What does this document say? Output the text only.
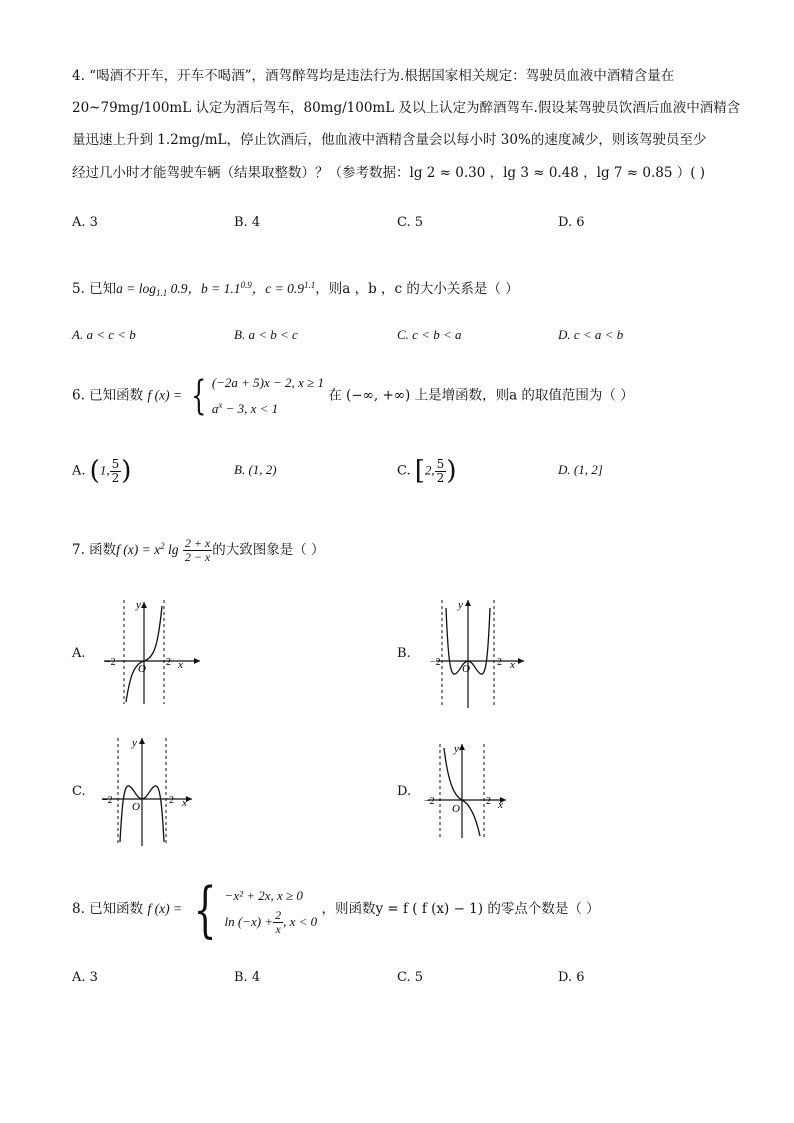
4. “喝酒不开车，开车不喝酒”，酒驾醉驾均是违法行为.根据国家相关规定：驾驶员血液中酒精含量在
20~79mg/100mL 认定为酒后驾车，80mg/100mL 及以上认定为醉酒驾车.假设某驾驶员饮酒后血液中酒精含
量迅速上升到 1.2mg/mL，停止饮酒后，他血液中酒精含量会以每小时 30%的速度减少，则该驾驶员至少
经过几小时才能驾驶车辆（结果取整数）？（参考数据：lg 2 ≈ 0.30 ，lg 3 ≈ 0.48 ，lg 7 ≈ 0.85 ）( )
A. 3	B. 4	C. 5	D. 6
5. 已知$a = \log_{1.1} 0.9$，$b = 1.1^{0.9}$，$c = 0.9^{1.1}$，则a ，b ，c 的大小关系是（ ）
A. a < c < b	B. a < b < c	C. c < b < a	D. c < a < b
6. 已知函数 f (x) = { (−2a + 5)x − 2, x ≥ 1
$a^x - 3$, x < 1
在 (−∞, +∞) 上是增函数，则a 的取值范围为（ ）
A. (1, $\frac{5}{2}$ )	B. (1, 2)	C. [2, $\frac{5}{2}$ )	D. (1, 2]
7. 函数f $(x) = x^2$ $\lg \frac{2 + x}{2 - x}$ 的大致图象是（ ）
A.	B.
C.	D.
−2
O
2 x
y
−2
O
2 x
y
−2
O
2 x
y
−2
O
2 x
y
8. 已知函数 f (x) = { −x² + 2x, x ≥ 0
$\ln (-x) + \frac{2}{x}$ , x < 0
，则函数y = f ( f (x) − 1) 的零点个数是（ ）
A. 3	B. 4	C. 5	D. 6
